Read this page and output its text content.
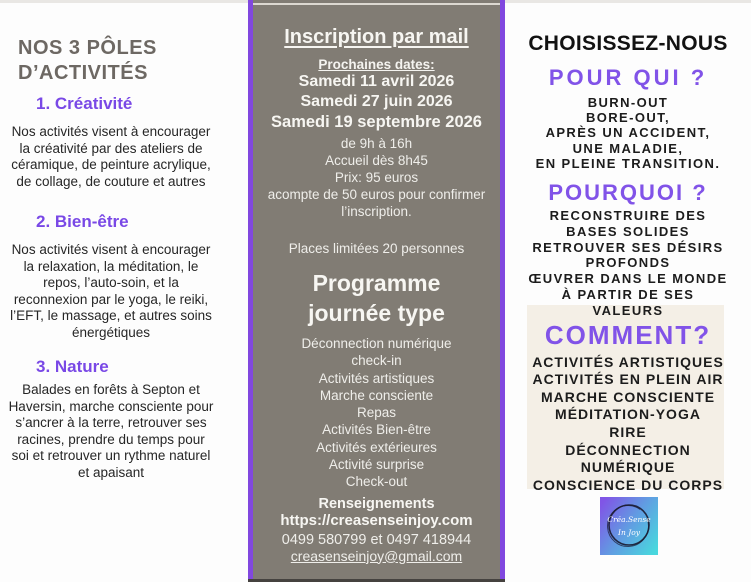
NOS 3 PÔLES D’ACTIVITÉS
1. Créativité

Nos activités visent à encourager la créativité par des ateliers de céramique, de peinture acrylique, de collage, de couture et autres

2. Bien-être

Nos activités visent à encourager la relaxation, la méditation, le repos, l’auto-soin, et la reconnexion par le yoga, le reiki, l’EFT, le massage, et autres soins énergétiques

3. Nature

Balades en forêts à Septon et Haversin, marche consciente pour s’ancrer à la terre, retrouver ses racines, prendre du temps pour soi et retrouver un rythme naturel et apaisant

Inscription par mail
Prochaines dates:
Samedi 11 avril 2026
Samedi 27 juin 2026
Samedi 19 septembre 2026
de 9h à 16h
Accueil dès 8h45
Prix: 95 euros
acompte de 50 euros pour confirmer l’inscription.
Places limitées 20 personnes
Programme journée type
Déconnection numérique
check-in
Activités artistiques
Marche consciente
Repas
Activités Bien-être
Activités extérieures
Activité surprise
Check-out
Renseignements
https://creasenseinjoy.com
0499 580799 et 0497 418944
creasenseinjoy@gmail.com
CHOISISSEZ-NOUS
POUR QUI ?
BURN-OUT
BORE-OUT,
APRÈS UN ACCIDENT,
UNE MALADIE,
EN PLEINE TRANSITION.
POURQUOI ?
RECONSTRUIRE DES
BASES SOLIDES
RETROUVER SES DÉSIRS
PROFONDS
ŒUVRER DANS LE MONDE
À PARTIR DE SES
VALEURS
COMMENT?
ACTIVITÉS ARTISTIQUES
ACTIVITÉS EN PLEIN AIR
MARCHE CONSCIENTE
MÉDITATION-YOGA
RIRE
DÉCONNECTION
NUMÉRIQUE
CONSCIENCE DU CORPS
Créa.Sense
In Joy
